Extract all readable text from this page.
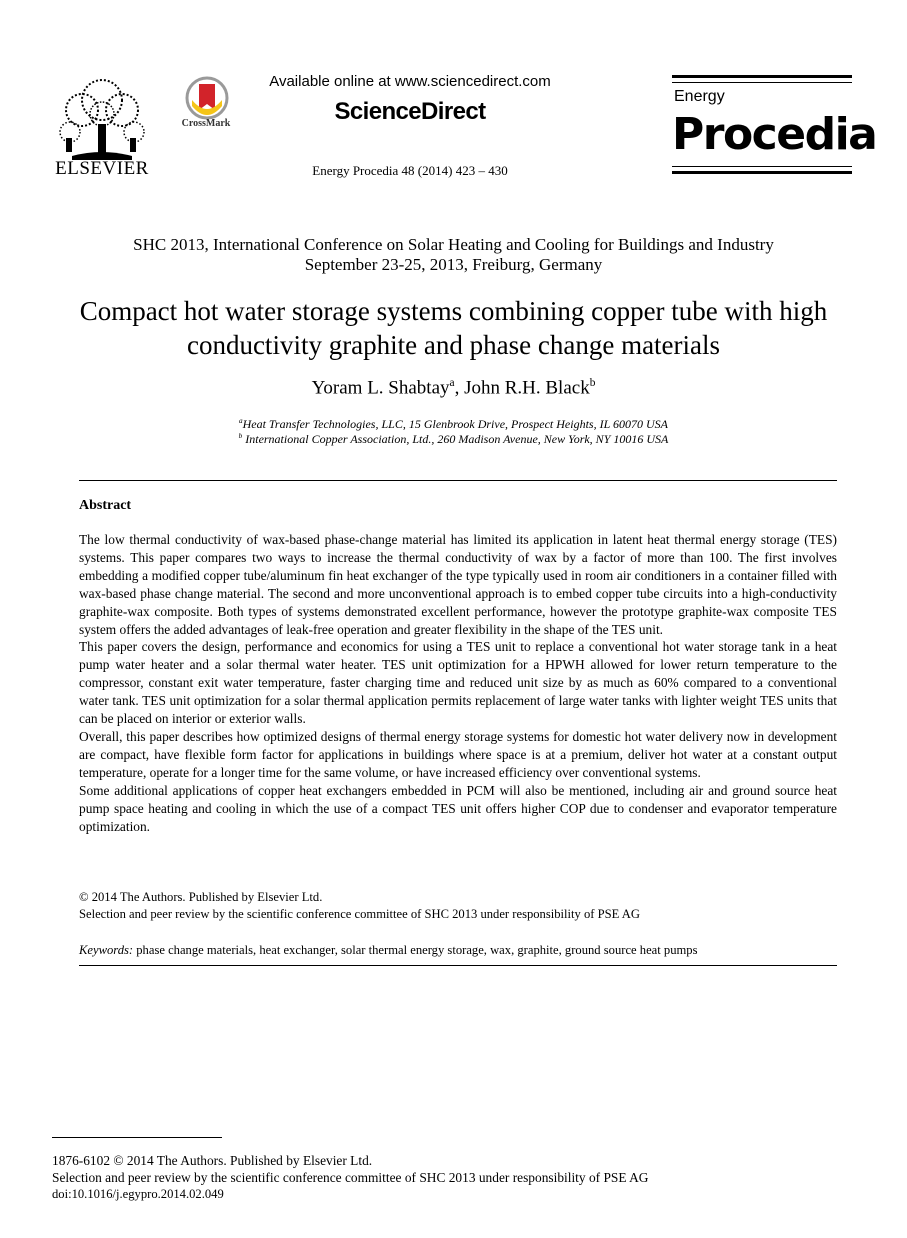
ELSEVIER
CrossMark
Available online at www.sciencedirect.com
ScienceDirect
Energy Procedia 48 (2014) 423 – 430
Energy
Procedia
SHC 2013, International Conference on Solar Heating and Cooling for Buildings and Industry
September 23-25, 2013, Freiburg, Germany
Compact hot water storage systems combining copper tube with high conductivity graphite and phase change materials
Yoram L. Shabtay$^a$, John R.H. Black$^b$
$^a$Heat Transfer Technologies, LLC, 15 Glenbrook Drive, Prospect Heights, IL 60070 USA
$^b$ International Copper Association, Ltd., 260 Madison Avenue, New York, NY 10016 USA
Abstract

The low thermal conductivity of wax-based phase-change material has limited its application in latent heat thermal energy storage (TES) systems. This paper compares two ways to increase the thermal conductivity of wax by a factor of more than 100. The first involves embedding a modified copper tube/aluminum fin heat exchanger of the type typically used in room air conditioners in a container filled with wax-based phase change material. The second and more unconventional approach is to embed copper tube circuits into a high-conductivity graphite-wax composite. Both types of systems demonstrated excellent performance, however the prototype graphite-wax composite TES system offers the added advantages of leak-free operation and greater flexibility in the shape of the TES unit.

This paper covers the design, performance and economics for using a TES unit to replace a conventional hot water storage tank in a heat pump water heater and a solar thermal water heater. TES unit optimization for a HPWH allowed for lower return temperature to the compressor, constant exit water temperature, faster charging time and reduced unit size by as much as 60% compared to a conventional water tank. TES unit optimization for a solar thermal application permits replacement of large water tanks with lighter weight TES units that can be placed on interior or exterior walls.

Overall, this paper describes how optimized designs of thermal energy storage systems for domestic hot water delivery now in development are compact, have flexible form factor for applications in buildings where space is at a premium, deliver hot water at a constant output temperature, operate for a longer time for the same volume, or have increased efficiency over conventional systems.

Some additional applications of copper heat exchangers embedded in PCM will also be mentioned, including air and ground source heat pump space heating and cooling in which the use of a compact TES unit offers higher COP due to condenser and evaporator temperature optimization.

© 2014 The Authors. Published by Elsevier Ltd.
Selection and peer review by the scientific conference committee of SHC 2013 under responsibility of PSE AG
Keywords: phase change materials, heat exchanger, solar thermal energy storage, wax, graphite, ground source heat pumps
1876-6102 © 2014 The Authors. Published by Elsevier Ltd.
Selection and peer review by the scientific conference committee of SHC 2013 under responsibility of PSE AG
doi:10.1016/j.egypro.2014.02.049
